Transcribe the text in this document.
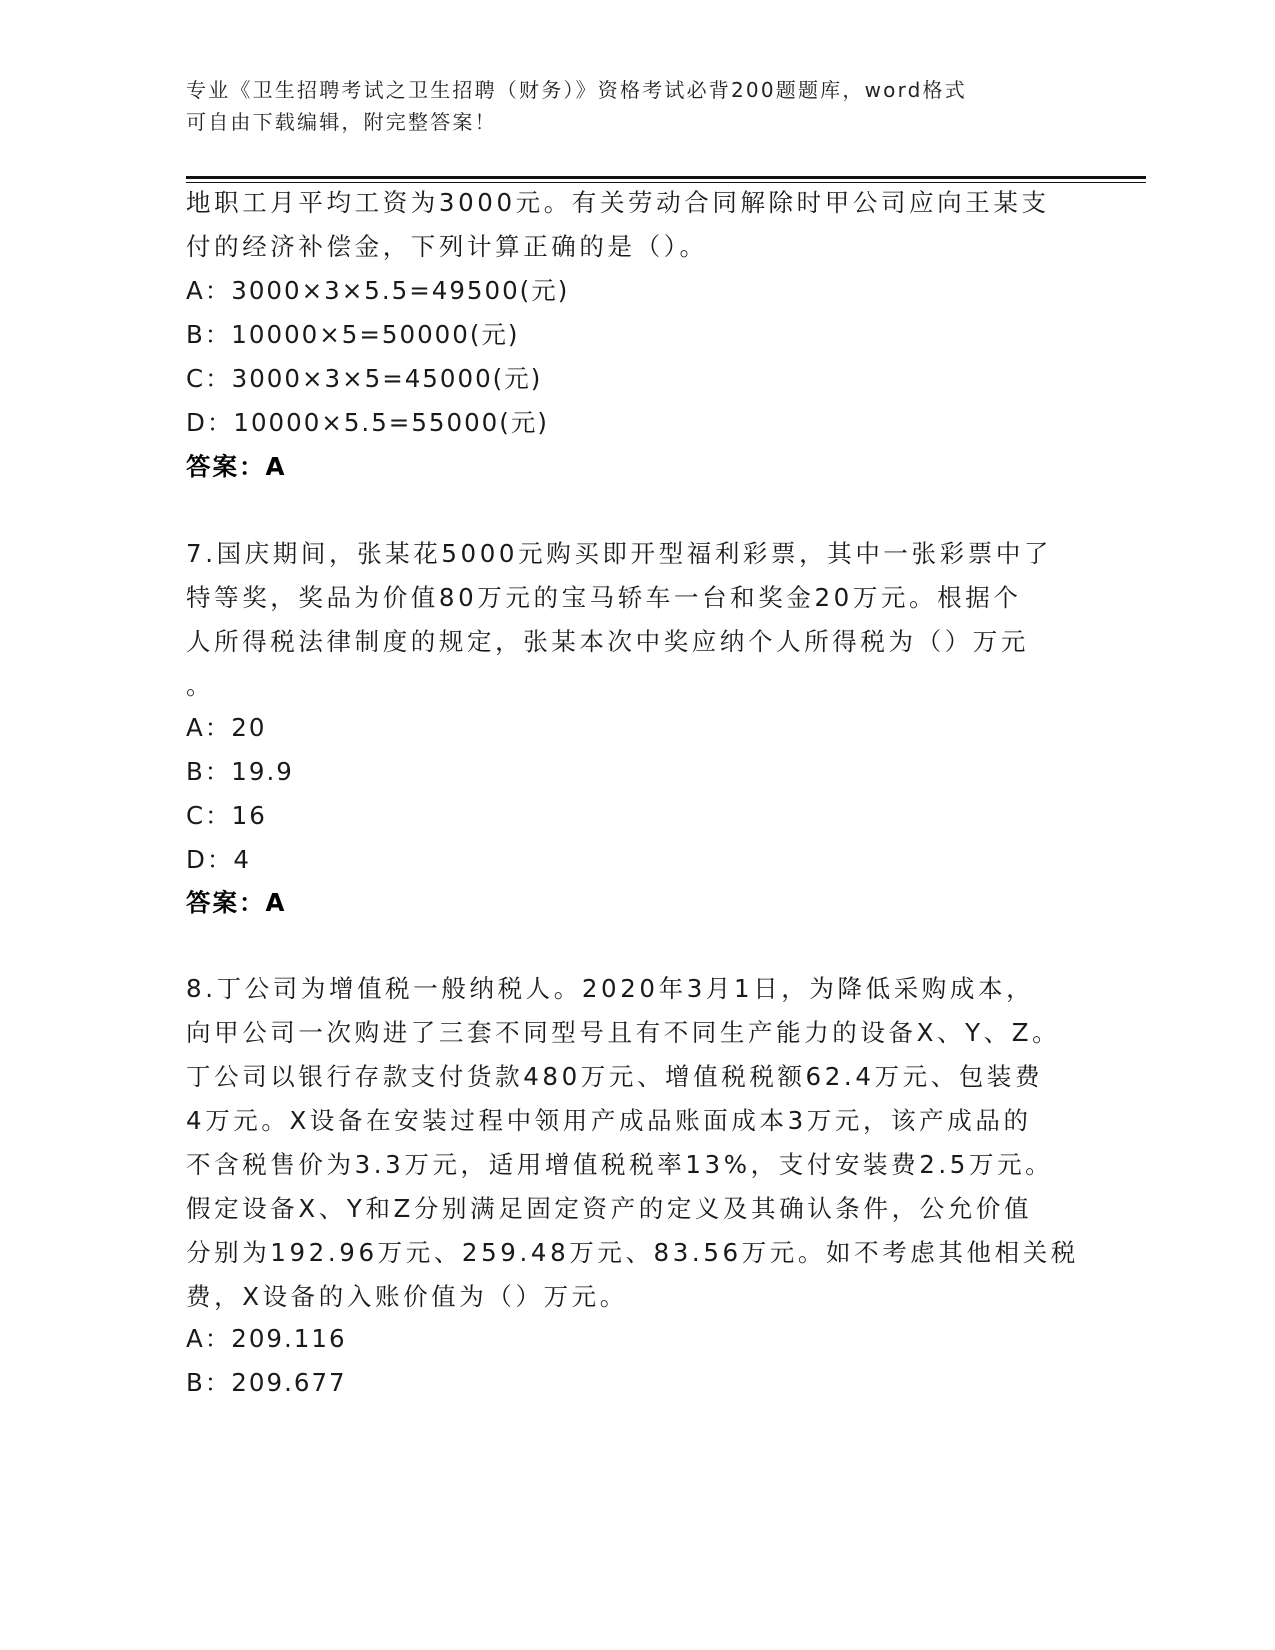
专业《卫生招聘考试之卫生招聘（财务）》资格考试必背200题题库，word格式
可自由下载编辑，附完整答案！
地职工月平均工资为3000元。有关劳动合同解除时甲公司应向王某支
付的经济补偿金，下列计算正确的是（）。
A：3000×3×5.5=49500(元)
B：10000×5=50000(元)
C：3000×3×5=45000(元)
D：10000×5.5=55000(元)
答案：A
7.国庆期间，张某花5000元购买即开型福利彩票，其中一张彩票中了
特等奖，奖品为价值80万元的宝马轿车一台和奖金20万元。根据个
人所得税法律制度的规定，张某本次中奖应纳个人所得税为（）万元
。
A：20
B：19.9
C：16
D：4
答案：A
8.丁公司为增值税一般纳税人。2020年3月1日，为降低采购成本，
向甲公司一次购进了三套不同型号且有不同生产能力的设备X、Y、Z。
丁公司以银行存款支付货款480万元、增值税税额62.4万元、包装费
4万元。X设备在安装过程中领用产成品账面成本3万元，该产成品的
不含税售价为3.3万元，适用增值税税率13%，支付安装费2.5万元。
假定设备X、Y和Z分别满足固定资产的定义及其确认条件，公允价值
分别为192.96万元、259.48万元、83.56万元。如不考虑其他相关税
费，X设备的入账价值为（）万元。
A：209.116
B：209.677
